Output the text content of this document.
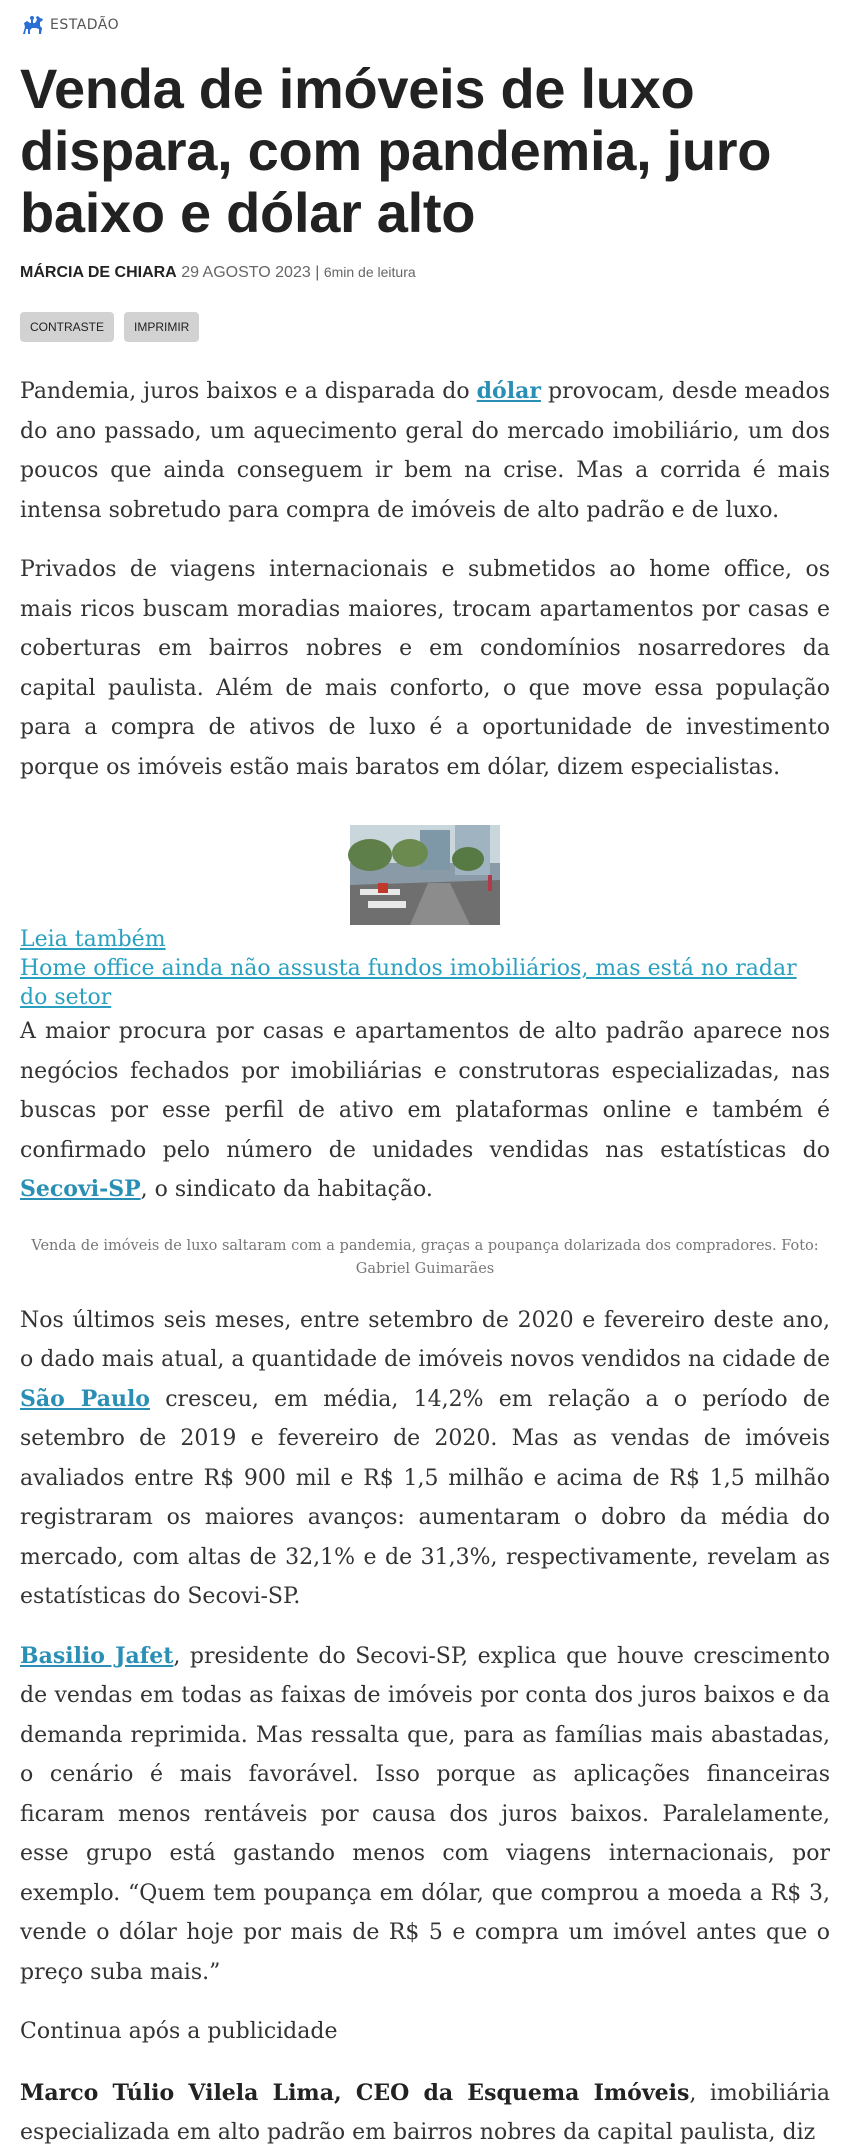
ESTADÃO
Venda de imóveis de luxo dispara, com pandemia, juro baixo e dólar alto
MÁRCIA DE CHIARA 29 AGOSTO 2023 | 6min de leitura
CONTRASTE	IMPRIMIR

Pandemia, juros baixos e a disparada do dólar provocam, desde meados do ano passado, um aquecimento geral do mercado imobiliário, um dos poucos que ainda conseguem ir bem na crise. Mas a corrida é mais intensa sobretudo para compra de imóveis de alto padrão e de luxo.

Privados de viagens internacionais e submetidos ao home office, os mais ricos buscam moradias maiores, trocam apartamentos por casas e coberturas em bairros nobres e em condomínios nosarredores da capital paulista. Além de mais conforto, o que move essa população para a compra de ativos de luxo é a oportunidade de investimento porque os imóveis estão mais baratos em dólar, dizem especialistas.

Leia também
Home office ainda não assusta fundos imobiliários, mas está no radar do setor

A maior procura por casas e apartamentos de alto padrão aparece nos negócios fechados por imobiliárias e construtoras especializadas, nas buscas por esse perfil de ativo em plataformas online e também é confirmado pelo número de unidades vendidas nas estatísticas do Secovi-SP, o sindicato da habitação.

Venda de imóveis de luxo saltaram com a pandemia, graças a poupança dolarizada dos compradores. Foto: Gabriel Guimarães

Nos últimos seis meses, entre setembro de 2020 e fevereiro deste ano, o dado mais atual, a quantidade de imóveis novos vendidos na cidade de São Paulo cresceu, em média, 14,2% em relação a o período de setembro de 2019 e fevereiro de 2020. Mas as vendas de imóveis avaliados entre R$ 900 mil e R$ 1,5 milhão e acima de R$ 1,5 milhão registraram os maiores avanços: aumentaram o dobro da média do mercado, com altas de 32,1% e de 31,3%, respectivamente, revelam as estatísticas do Secovi-SP.

Basilio Jafet, presidente do Secovi-SP, explica que houve crescimento de vendas em todas as faixas de imóveis por conta dos juros baixos e da demanda reprimida. Mas ressalta que, para as famílias mais abastadas, o cenário é mais favorável. Isso porque as aplicações financeiras ficaram menos rentáveis por causa dos juros baixos. Paralelamente, esse grupo está gastando menos com viagens internacionais, por exemplo. “Quem tem poupança em dólar, que comprou a moeda a R$ 3, vende o dólar hoje por mais de R$ 5 e compra um imóvel antes que o preço suba mais.”

Continua após a publicidade

Marco Túlio Vilela Lima, CEO da Esquema Imóveis, imobiliária especializada em alto padrão em bairros nobres da capital paulista, diz
